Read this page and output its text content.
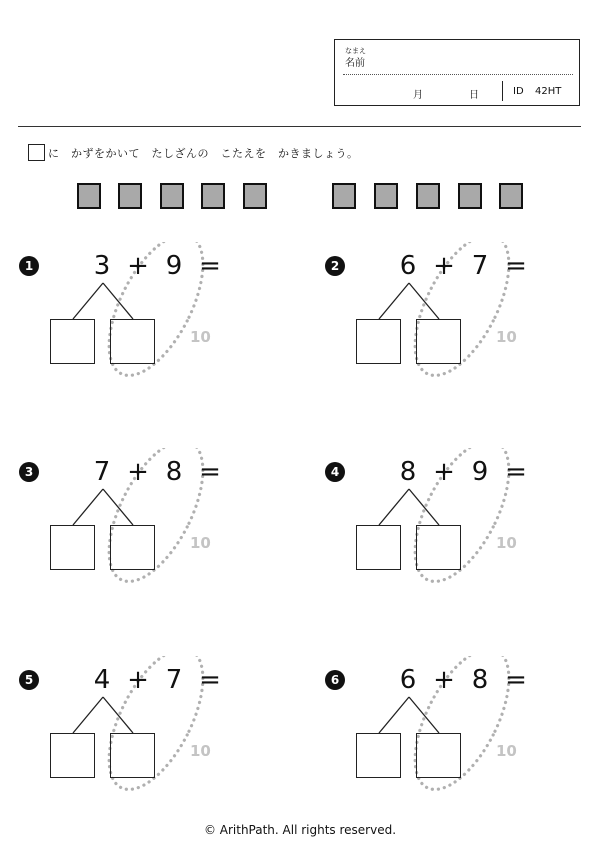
なまえ
名前
月	日	ID 42HT
に　かずをかいて　たしざんの　こたえを　かきましょう。
1 3 + 9 =
10
2 6 + 7 =
10
3 7 + 8 =
10
4 8 + 9 =
10
5 4 + 7 =
10
6 6 + 8 =
10
© ArithPath. All rights reserved.
